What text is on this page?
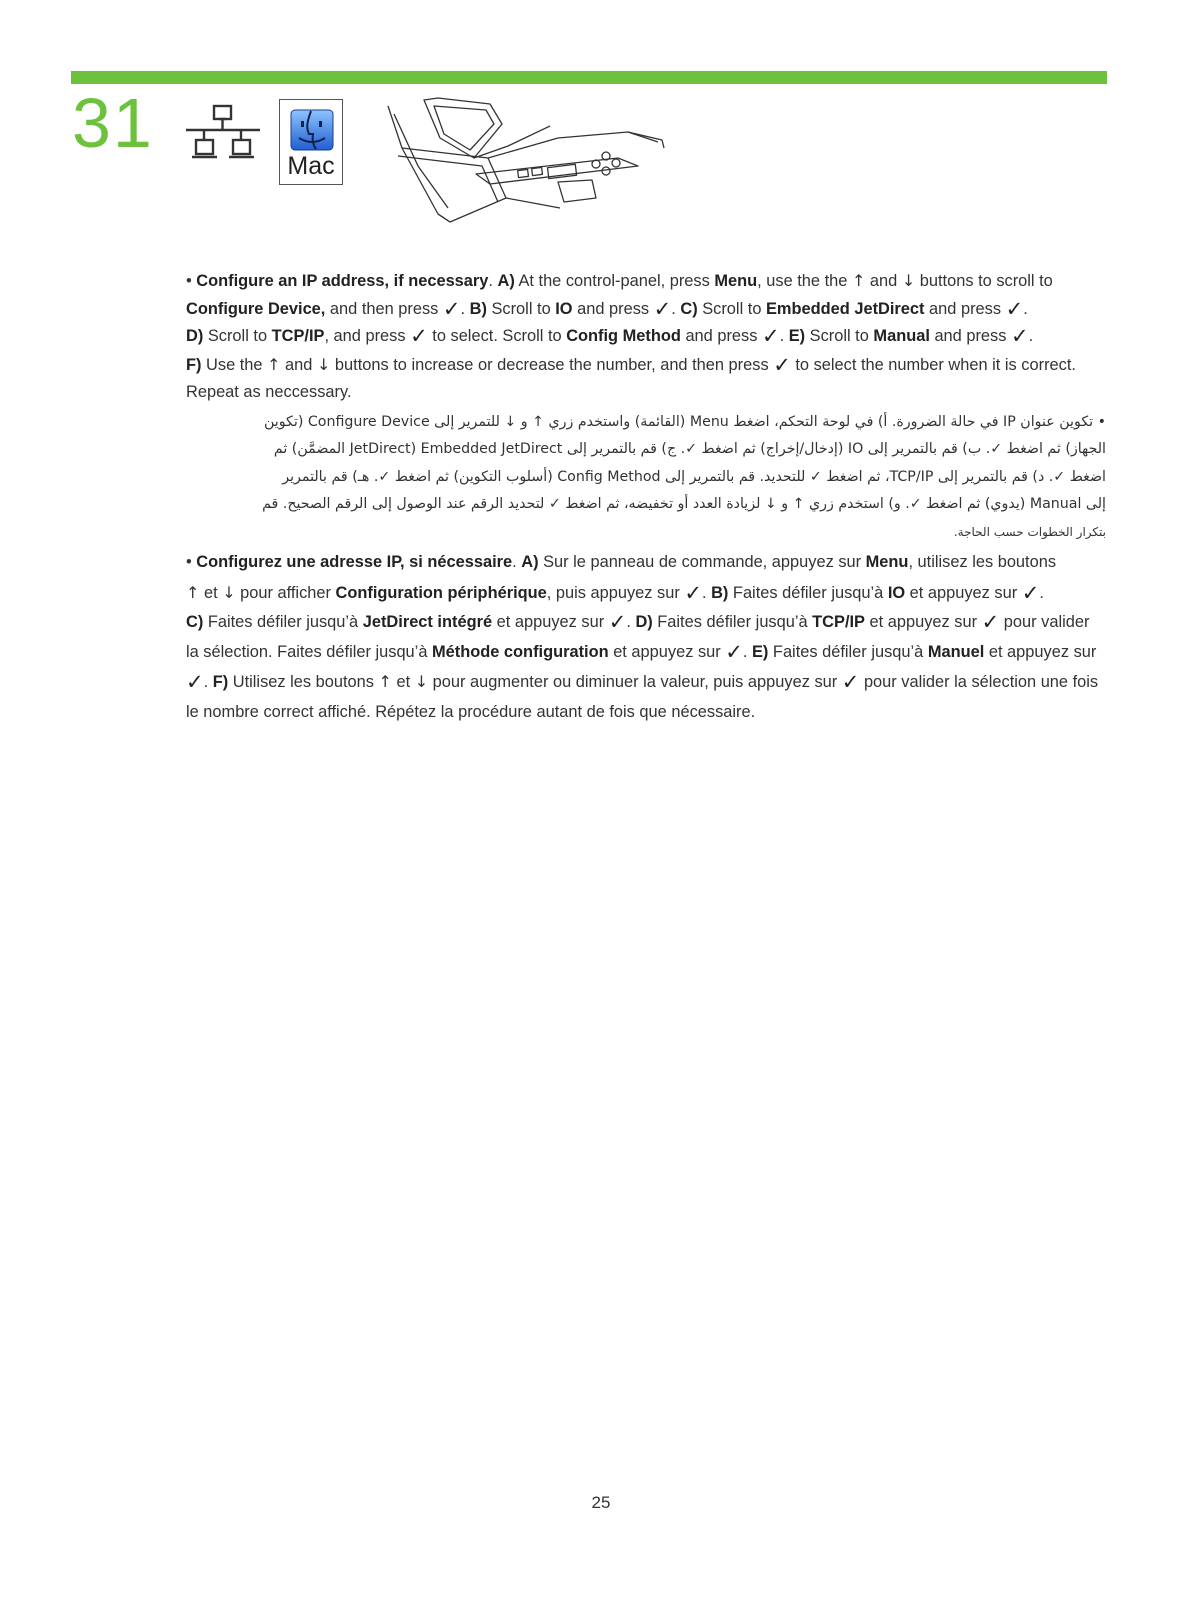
31
Mac

• Configure an IP address, if necessary. A) At the control-panel, press Menu, use the the ↑ and ↓ buttons to scroll to Configure Device, and then press ✓. B) Scroll to IO and press ✓. C) Scroll to Embedded JetDirect and press ✓.
D) Scroll to TCP/IP, and press ✓ to select. Scroll to Config Method and press ✓. E) Scroll to Manual and press ✓.
F) Use the ↑ and ↓ buttons to increase or decrease the number, and then press ✓ to select the number when it is correct. Repeat as neccessary.

• تكوين عنوان IP في حالة الضرورة. أ) في لوحة التحكم، اضغط Menu (القائمة) واستخدم زري ↑ و ↓ للتمرير إلى Configure Device (تكوين
الجهاز) ثم اضغط ✓. ب) قم بالتمرير إلى IO (إدخال/إخراج) ثم اضغط ✓. ج) قم بالتمرير إلى Embedded JetDirect (JetDirect المضمَّن) ثم
اضغط ✓. د) قم بالتمرير إلى TCP/IP، ثم اضغط ✓ للتحديد. قم بالتمرير إلى Config Method (أسلوب التكوين) ثم اضغط ✓. هـ) قم بالتمرير
إلى Manual (يدوي) ثم اضغط ✓. و) استخدم زري ↑ و ↓ لزيادة العدد أو تخفيضه، ثم اضغط ✓ لتحديد الرقم عند الوصول إلى الرقم الصحيح. قم
بتكرار الخطوات حسب الحاجة.

• Configurez une adresse IP, si nécessaire. A) Sur le panneau de commande, appuyez sur Menu, utilisez les boutons
↑ et ↓ pour afficher Configuration périphérique, puis appuyez sur ✓. B) Faites défiler jusqu’à IO et appuyez sur ✓.
C) Faites défiler jusqu’à JetDirect intégré et appuyez sur ✓. D) Faites défiler jusqu’à TCP/IP et appuyez sur ✓ pour valider la sélection. Faites défiler jusqu’à Méthode configuration et appuyez sur ✓. E) Faites défiler jusqu’à Manuel et appuyez sur ✓. F) Utilisez les boutons ↑ et ↓ pour augmenter ou diminuer la valeur, puis appuyez sur ✓ pour valider la sélection une fois le nombre correct affiché. Répétez la procédure autant de fois que nécessaire.

25
